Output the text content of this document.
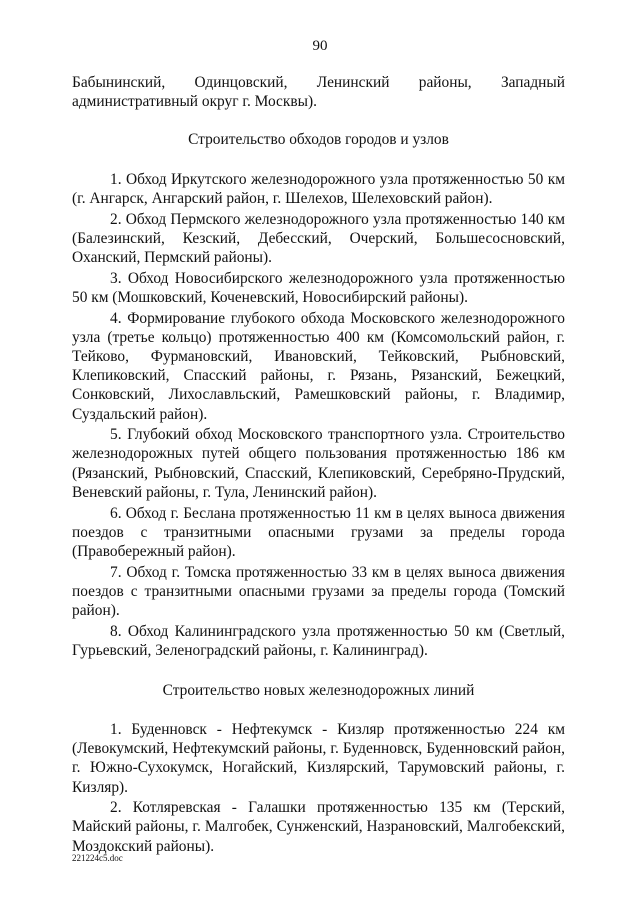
90

Бабынинский, Одинцовский, Ленинский районы, Западный административный округ г. Москвы).

Строительство обходов городов и узлов

1. Обход Иркутского железнодорожного узла протяженностью 50 км (г. Ангарск, Ангарский район, г. Шелехов, Шелеховский район).

2. Обход Пермского железнодорожного узла протяженностью 140 км (Балезинский, Кезский, Дебесский, Очерский, Большесосновский, Оханский, Пермский районы).

3. Обход Новосибирского железнодорожного узла протяженностью 50 км (Мошковский, Коченевский, Новосибирский районы).

4. Формирование глубокого обхода Московского железнодорожного узла (третье кольцо) протяженностью 400 км (Комсомольский район, г. Тейково, Фурмановский, Ивановский, Тейковский, Рыбновский, Клепиковский, Спасский районы, г. Рязань, Рязанский, Бежецкий, Сонковский, Лихославльский, Рамешковский районы, г. Владимир, Суздальский район).

5. Глубокий обход Московского транспортного узла. Строительство железнодорожных путей общего пользования протяженностью 186 км (Рязанский, Рыбновский, Спасский, Клепиковский, Серебряно-Прудский, Веневский районы, г. Тула, Ленинский район).

6. Обход г. Беслана протяженностью 11 км в целях выноса движения поездов с транзитными опасными грузами за пределы города (Правобережный район).

7. Обход г. Томска протяженностью 33 км в целях выноса движения поездов с транзитными опасными грузами за пределы города (Томский район).

8. Обход Калининградского узла протяженностью 50 км (Светлый, Гурьевский, Зеленоградский районы, г. Калининград).

Строительство новых железнодорожных линий

1. Буденновск - Нефтекумск - Кизляр протяженностью 224 км (Левокумский, Нефтекумский районы, г. Буденновск, Буденновский район, г. Южно-Сухокумск, Ногайский, Кизлярский, Тарумовский районы, г. Кизляр).

2. Котляревская - Галашки протяженностью 135 км (Терский, Майский районы, г. Малгобек, Сунженский, Назрановский, Малгобекский, Моздокский районы).

221224c5.doc
